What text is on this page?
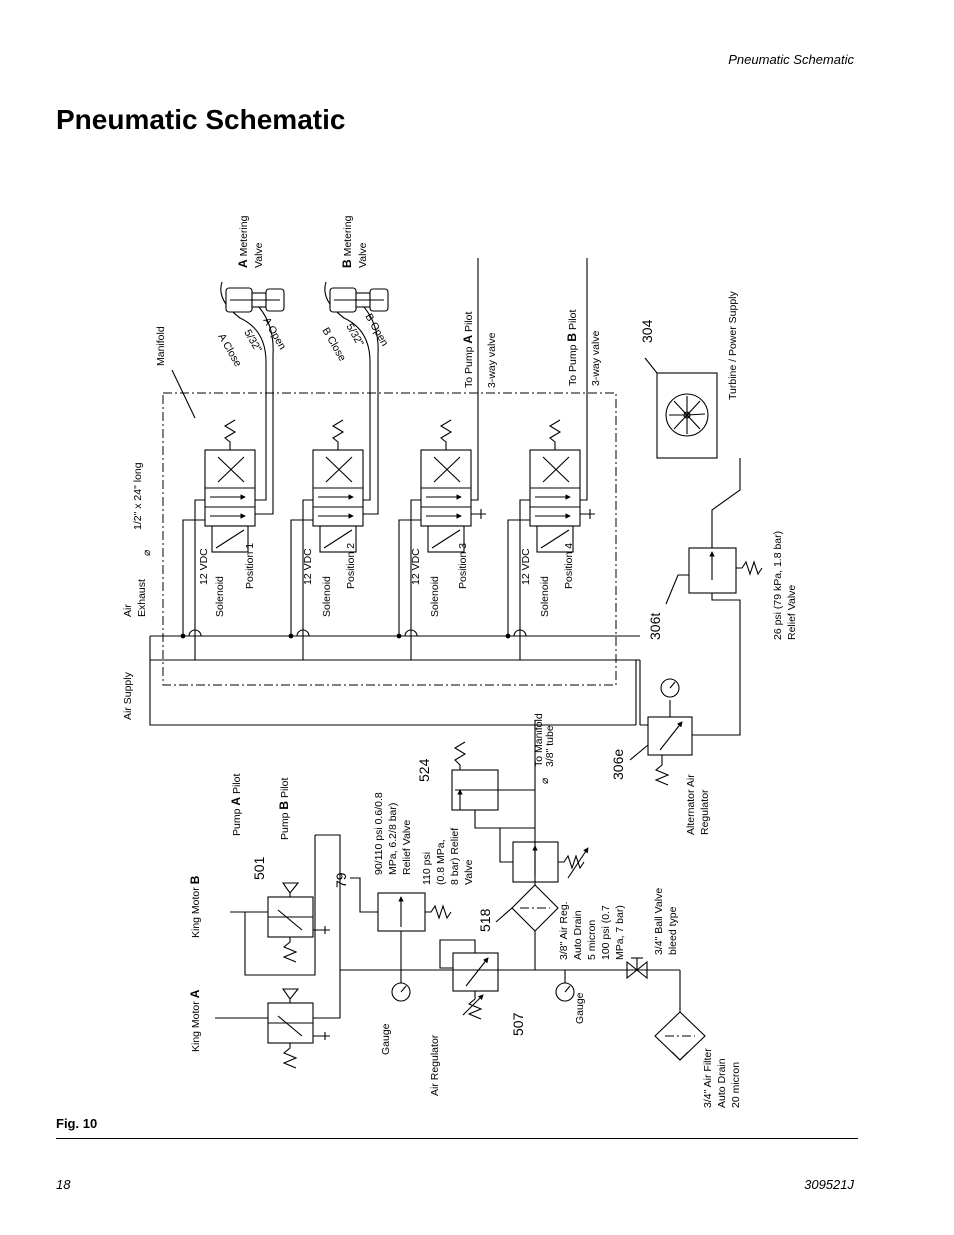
Pneumatic Schematic
Pneumatic Schematic
A Metering Valve	B Metering Valve
A Close
5/32"
A Open	B Close
5/32"
B Open
Manifold	To Pump A Pilot
3-way valve	To Pump B Pilot
3-way valve	304	Turbine / Power Supply
1/2" x 24" long
⌀
Air Exhaust
12 VDC
Solenoid
Position 1	12 VDC
Solenoid
Position 2	12 VDC
Solenoid
Position 3	12 VDC
Solenoid
Position 4	26 psi (79 kPa, 1.8 bar) Relief Valve
306t
Air Supply
306e
Alternator Air Regulator
To Manifold 3/8" tube
⌀
524
90/110 psi 0.6/0.8 MPa, 6.2/8 bar) Relief Valve 110 psi (0.8 MPa, 8 bar) Relief Valve
Pump A Pilot
Pump B Pilot
King Motor B
King Motor A
501
79
518
507
3/8" Air Reg. Auto Drain 5 micron 100 psi (0.7 MPa, 7 bar)	3/4" Ball Valve bleed type
Gauge
Gauge
Air Regulator	3/4" Air Filter Auto Drain 20 micron
Fig. 10
18	309521J
